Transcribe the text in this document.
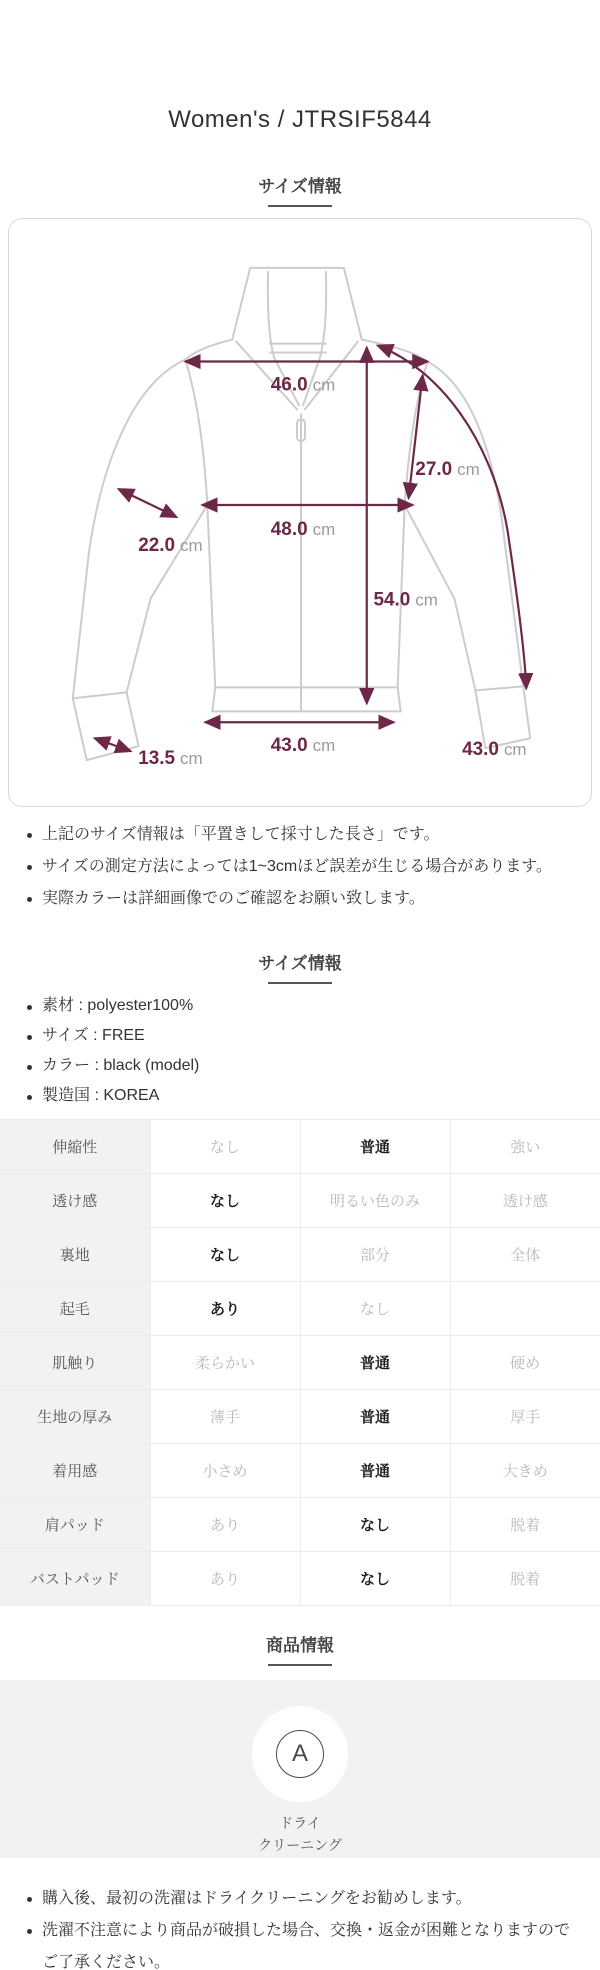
Women's / JTRSIF5844
サイズ情報
46.0 cm
27.0 cm
48.0 cm
22.0 cm
54.0 cm
43.0 cm
13.5 cm	43.0 cm
上記のサイズ情報は「平置きして採寸した長さ」です。
サイズの測定方法によっては1~3cmほど誤差が生じる場合があります。
実際カラーは詳細画像でのご確認をお願い致します。
サイズ情報
素材 : polyester100%
サイズ : FREE
カラー : black (model)
製造国 : KOREA
伸縮性	なし	普通	強い
透け感	なし	明るい色のみ	透け感
裏地	なし	部分	全体
起毛	あり	なし	
肌触り	柔らかい	普通	硬め
生地の厚み	薄手	普通	厚手
着用感	小さめ	普通	大きめ
肩パッド	あり	なし	脱着
バストパッド	あり	なし	脱着
商品情報
A
ドライ
クリーニング
購入後、最初の洗濯はドライクリーニングをお勧めします。
洗濯不注意により商品が破損した場合、交換・返金が困難となりますのでご了承ください。
